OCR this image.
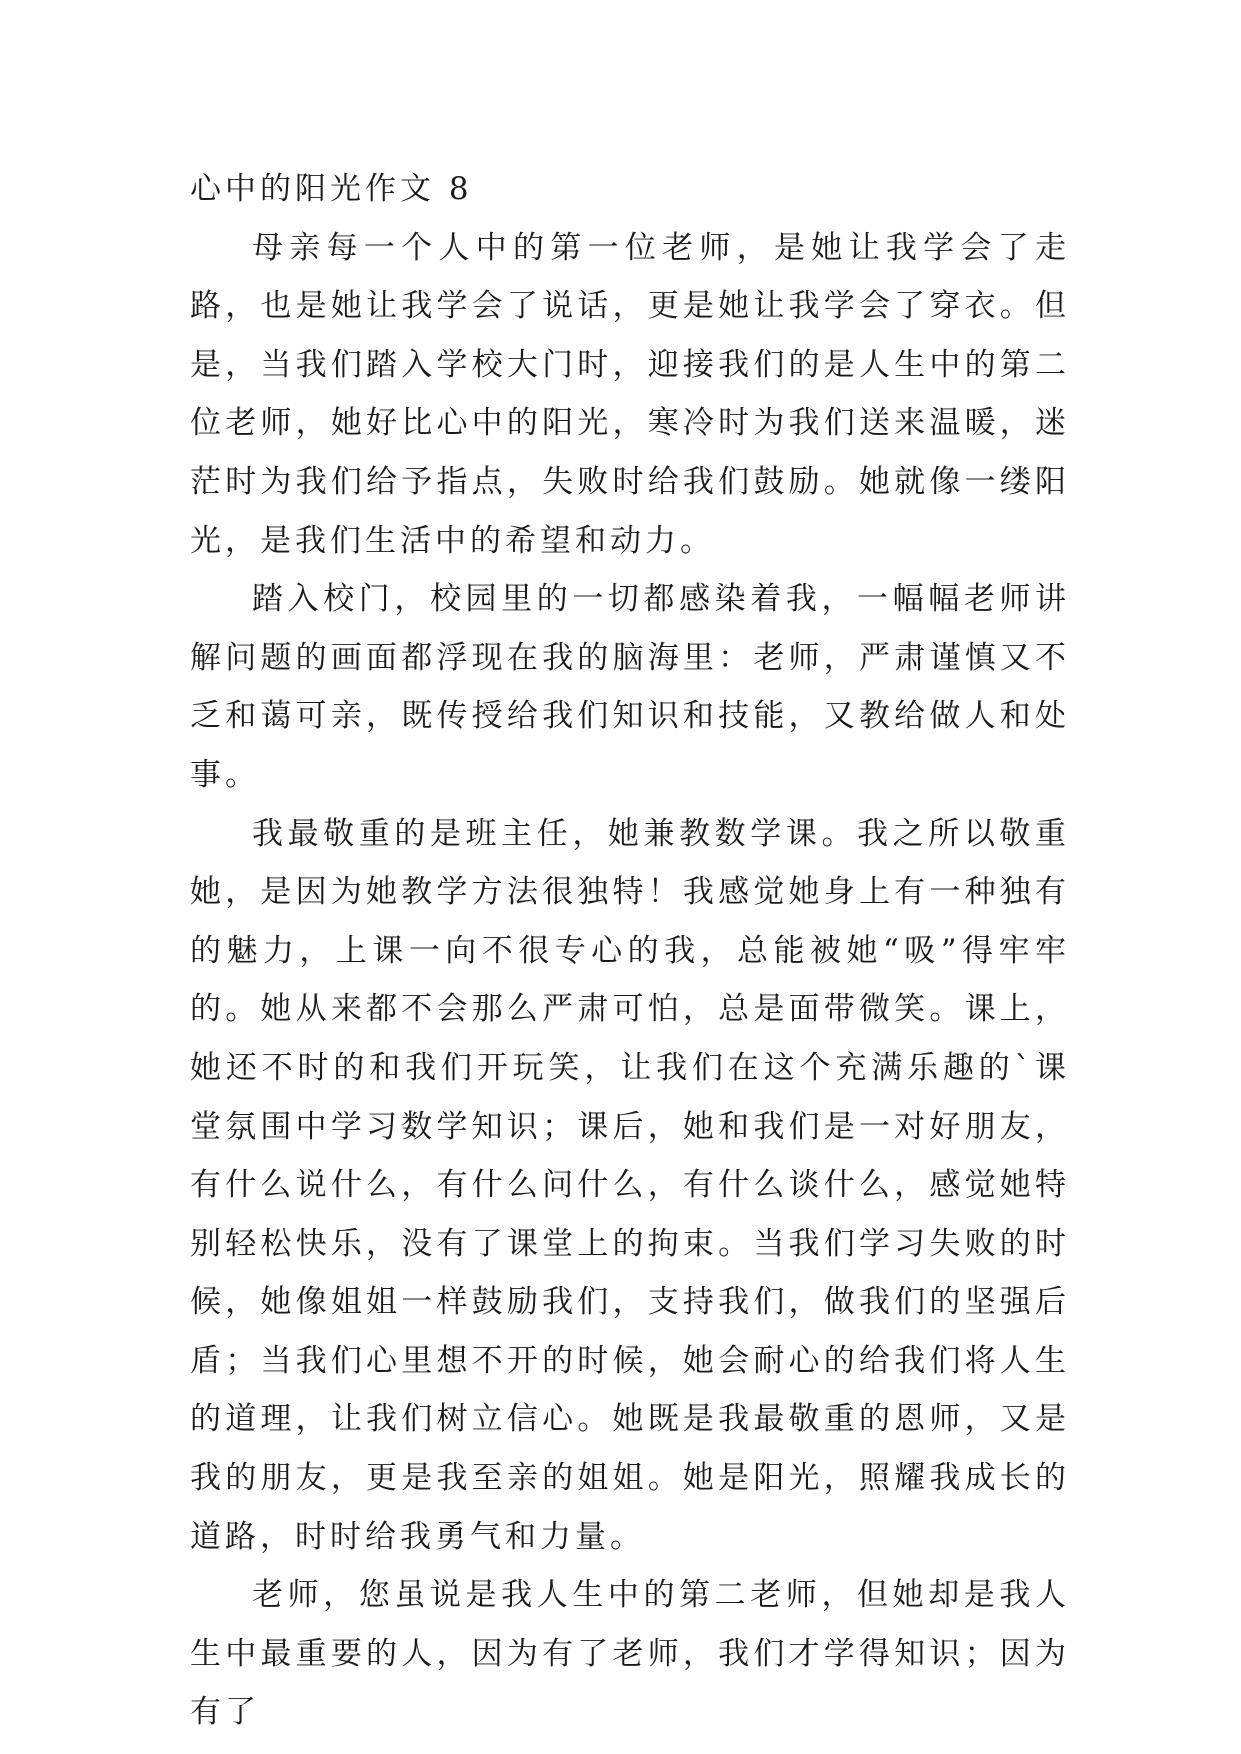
心中的阳光作文 8

母亲每一个人中的第一位老师，是她让我学会了走路，也是她让我学会了说话，更是她让我学会了穿衣。但是，当我们踏入学校大门时，迎接我们的是人生中的第二位老师，她好比心中的阳光，寒冷时为我们送来温暖，迷茫时为我们给予指点，失败时给我们鼓励。她就像一缕阳光，是我们生活中的希望和动力。

踏入校门，校园里的一切都感染着我，一幅幅老师讲解问题的画面都浮现在我的脑海里：老师，严肃谨慎又不乏和蔼可亲，既传授给我们知识和技能，又教给做人和处事。

我最敬重的是班主任，她兼教数学课。我之所以敬重她，是因为她教学方法很独特！我感觉她身上有一种独有的魅力，上课一向不很专心的我，总能被她“吸”得牢牢的。她从来都不会那么严肃可怕，总是面带微笑。课上，她还不时的和我们开玩笑，让我们在这个充满乐趣的`课堂氛围中学习数学知识；课后，她和我们是一对好朋友，有什么说什么，有什么问什么，有什么谈什么，感觉她特别轻松快乐，没有了课堂上的拘束。当我们学习失败的时候，她像姐姐一样鼓励我们，支持我们，做我们的坚强后盾；当我们心里想不开的时候，她会耐心的给我们将人生的道理，让我们树立信心。她既是我最敬重的恩师，又是我的朋友，更是我至亲的姐姐。她是阳光，照耀我成长的道路，时时给我勇气和力量。

老师，您虽说是我人生中的第二老师，但她却是我人生中最重要的人，因为有了老师，我们才学得知识；因为有了
